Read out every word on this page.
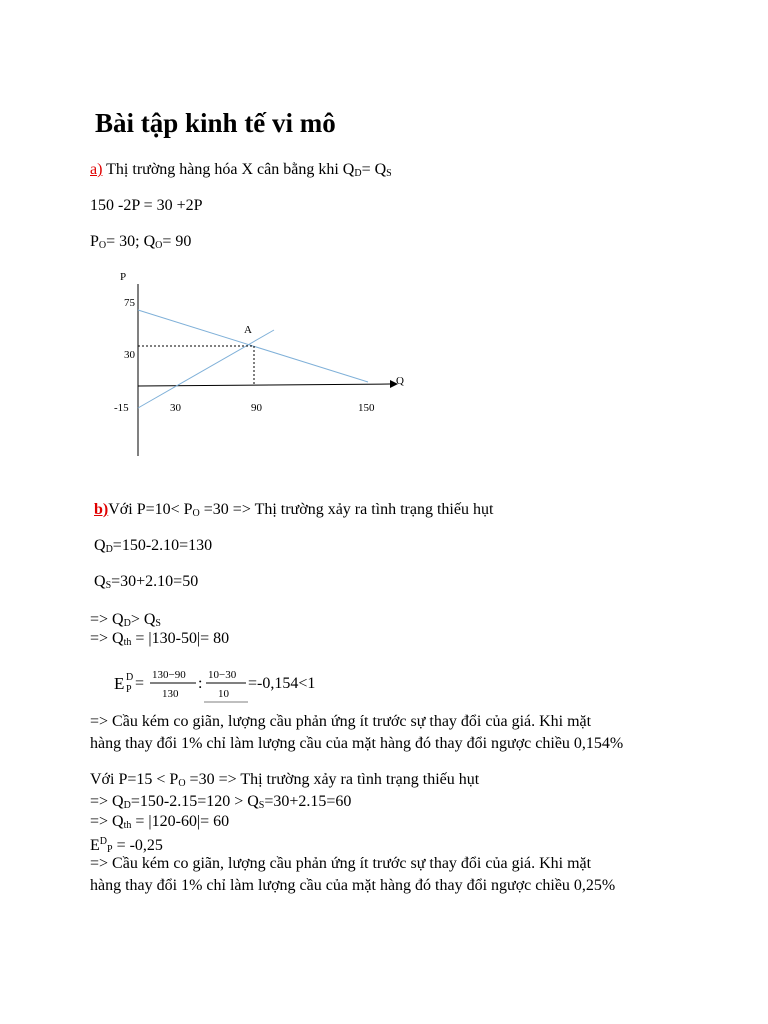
Bài tập kinh tế vi mô
a) Thị trường hàng hóa X cân bằng khi $Q_D= Q_S$
150 -2P = 30 +2P
$P_O= 30$; $Q_O= 90$
P
Q
75
30
-15	30	90	150
A
b)Với $P=10< P_O =30$ => Thị trường xảy ra tình trạng thiếu hụt
$Q_D=150-2.10=130$
$Q_S=30+2.10=50$
=> $Q_D> Q_S$
=> $Q_{th} = |130-50|= 80$
E D
P = 130−90
130
: 10−30
10
=-0,154<1
=> Cầu kém co giãn, lượng cầu phản ứng ít trước sự thay đổi của giá. Khi mặt
hàng thay đổi 1% chỉ làm lượng cầu của mặt hàng đó thay đổi ngược chiều 0,154%
Với $P=15 < P_O =30$ => Thị trường xảy ra tình trạng thiếu hụt
=> $Q_D=150-2.15=120 > Q_S=30+2.15=60$
=> $Q_{th} = |120-60|= 60$
$E^D_P = -0,25$
=> Cầu kém co giãn, lượng cầu phản ứng ít trước sự thay đổi của giá. Khi mặt
hàng thay đổi 1% chỉ làm lượng cầu của mặt hàng đó thay đổi ngược chiều 0,25%
